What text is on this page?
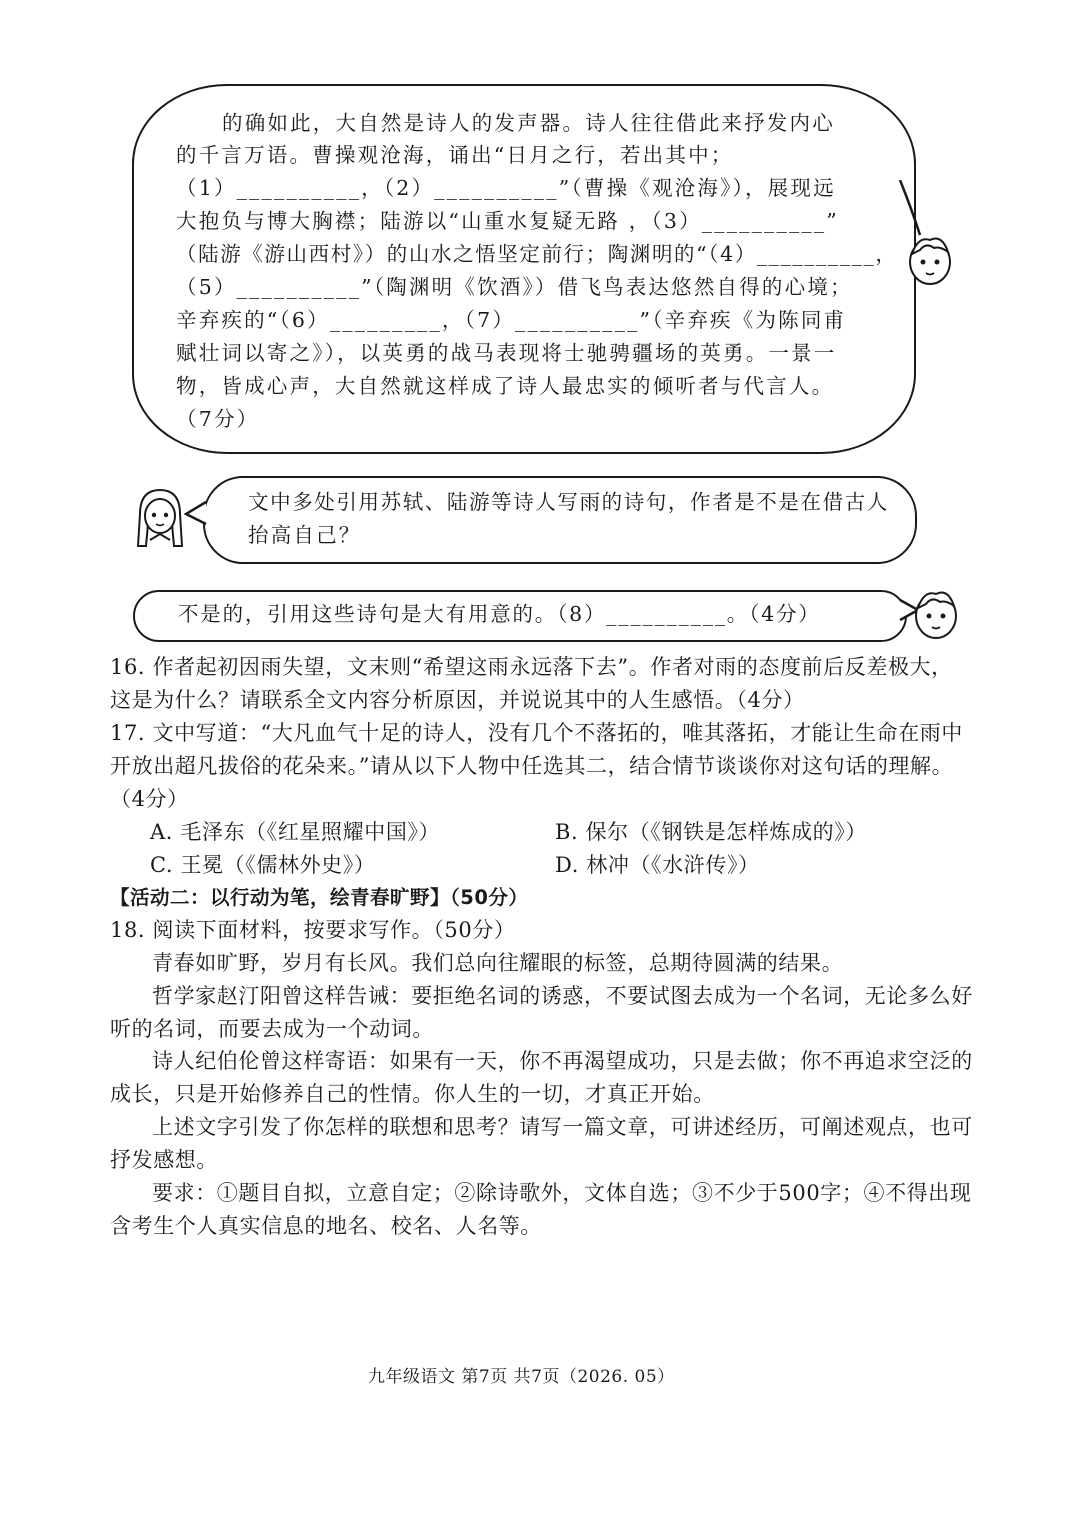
的确如此，大自然是诗人的发声器。诗人往往借此来抒发内心
的千言万语。曹操观沧海，诵出“日月之行，若出其中；
（1）__________，（2）__________”（曹操《观沧海》），展现远
大抱负与博大胸襟；陆游以“山重水复疑无路 ，（3）__________”
（陆游《游山西村》）的山水之悟坚定前行；陶渊明的“（4）__________，
（5）__________”（陶渊明《饮酒》）借飞鸟表达悠然自得的心境；
辛弃疾的“（6）_________，（7）__________”（辛弃疾《为陈同甫
赋壮词以寄之》），以英勇的战马表现将士驰骋疆场的英勇。一景一
物，皆成心声，大自然就这样成了诗人最忠实的倾听者与代言人。
（7分）
文中多处引用苏轼、陆游等诗人写雨的诗句，作者是不是在借古人
抬高自己？
不是的，引用这些诗句是大有用意的。（8）__________。（4分）
16. 作者起初因雨失望，文末则“希望这雨永远落下去”。作者对雨的态度前后反差极大，
这是为什么？请联系全文内容分析原因，并说说其中的人生感悟。（4分）
17. 文中写道：“大凡血气十足的诗人，没有几个不落拓的，唯其落拓，才能让生命在雨中
开放出超凡拔俗的花朵来。”请从以下人物中任选其二，结合情节谈谈你对这句话的理解。
（4分）
A. 毛泽东（《红星照耀中国》）	B. 保尔（《钢铁是怎样炼成的》）
C. 王冕（《儒林外史》）	D. 林冲（《水浒传》）
【活动二：以行动为笔，绘青春旷野】（50分）
18. 阅读下面材料，按要求写作。（50分）
青春如旷野，岁月有长风。我们总向往耀眼的标签，总期待圆满的结果。
哲学家赵汀阳曾这样告诫：要拒绝名词的诱惑，不要试图去成为一个名词，无论多么好
听的名词，而要去成为一个动词。
诗人纪伯伦曾这样寄语：如果有一天，你不再渴望成功，只是去做；你不再追求空泛的
成长，只是开始修养自己的性情。你人生的一切，才真正开始。
上述文字引发了你怎样的联想和思考？请写一篇文章，可讲述经历，可阐述观点，也可
抒发感想。
要求：①题目自拟，立意自定；②除诗歌外，文体自选；③不少于500字；④不得出现
含考生个人真实信息的地名、校名、人名等。
九年级语文 第7页 共7页（2026. 05）
